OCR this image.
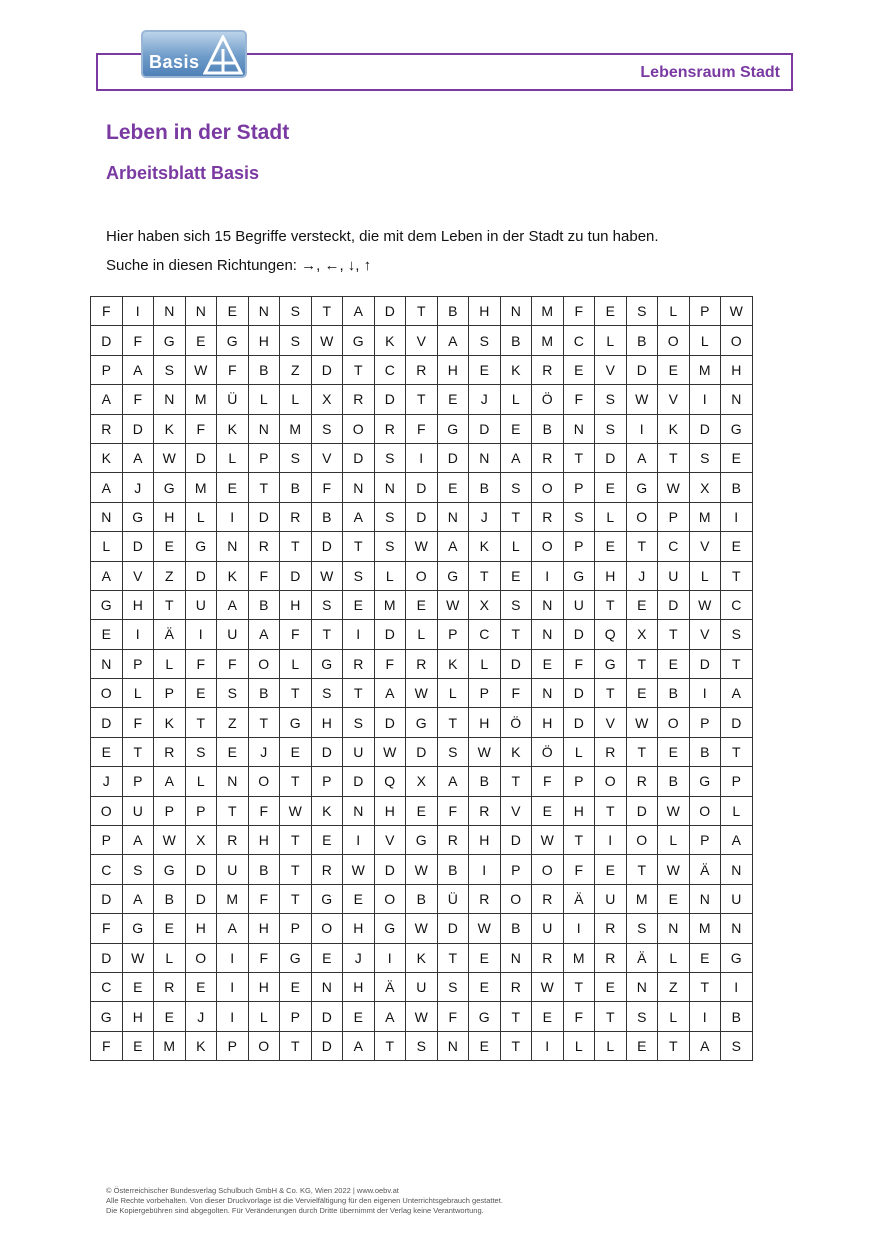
Basis
Lebensraum Stadt
Leben in der Stadt
Arbeitsblatt Basis

Hier haben sich 15 Begriffe versteckt, die mit dem Leben in der Stadt zu tun haben.

Suche in diesen Richtungen: →, ←, ↓, ↑

F	I	N	N	E	N	S	T	A	D	T	B	H	N	M	F	E	S	L	P	W
D	F	G	E	G	H	S	W	G	K	V	A	S	B	M	C	L	B	O	L	O
P	A	S	W	F	B	Z	D	T	C	R	H	E	K	R	E	V	D	E	M	H
A	F	N	M	Ü	L	L	X	R	D	T	E	J	L	Ö	F	S	W	V	I	N
R	D	K	F	K	N	M	S	O	R	F	G	D	E	B	N	S	I	K	D	G
K	A	W	D	L	P	S	V	D	S	I	D	N	A	R	T	D	A	T	S	E
A	J	G	M	E	T	B	F	N	N	D	E	B	S	O	P	E	G	W	X	B
N	G	H	L	I	D	R	B	A	S	D	N	J	T	R	S	L	O	P	M	I
L	D	E	G	N	R	T	D	T	S	W	A	K	L	O	P	E	T	C	V	E
A	V	Z	D	K	F	D	W	S	L	O	G	T	E	I	G	H	J	U	L	T
G	H	T	U	A	B	H	S	E	M	E	W	X	S	N	U	T	E	D	W	C
E	I	Ä	I	U	A	F	T	I	D	L	P	C	T	N	D	Q	X	T	V	S
N	P	L	F	F	O	L	G	R	F	R	K	L	D	E	F	G	T	E	D	T
O	L	P	E	S	B	T	S	T	A	W	L	P	F	N	D	T	E	B	I	A
D	F	K	T	Z	T	G	H	S	D	G	T	H	Ö	H	D	V	W	O	P	D
E	T	R	S	E	J	E	D	U	W	D	S	W	K	Ö	L	R	T	E	B	T
J	P	A	L	N	O	T	P	D	Q	X	A	B	T	F	P	O	R	B	G	P
O	U	P	P	T	F	W	K	N	H	E	F	R	V	E	H	T	D	W	O	L
P	A	W	X	R	H	T	E	I	V	G	R	H	D	W	T	I	O	L	P	A
C	S	G	D	U	B	T	R	W	D	W	B	I	P	O	F	E	T	W	Ä	N
D	A	B	D	M	F	T	G	E	O	B	Ü	R	O	R	Ä	U	M	E	N	U
F	G	E	H	A	H	P	O	H	G	W	D	W	B	U	I	R	S	N	M	N
D	W	L	O	I	F	G	E	J	I	K	T	E	N	R	M	R	Ä	L	E	G
C	E	R	E	I	H	E	N	H	Ä	U	S	E	R	W	T	E	N	Z	T	I
G	H	E	J	I	L	P	D	E	A	W	F	G	T	E	F	T	S	L	I	B
F	E	M	K	P	O	T	D	A	T	S	N	E	T	I	L	L	E	T	A	S
© Österreichischer Bundesverlag Schulbuch GmbH & Co. KG, Wien 2022 | www.oebv.at
Alle Rechte vorbehalten. Von dieser Druckvorlage ist die Vervielfältigung für den eigenen Unterrichtsgebrauch gestattet.
Die Kopiergebühren sind abgegolten. Für Veränderungen durch Dritte übernimmt der Verlag keine Verantwortung.
